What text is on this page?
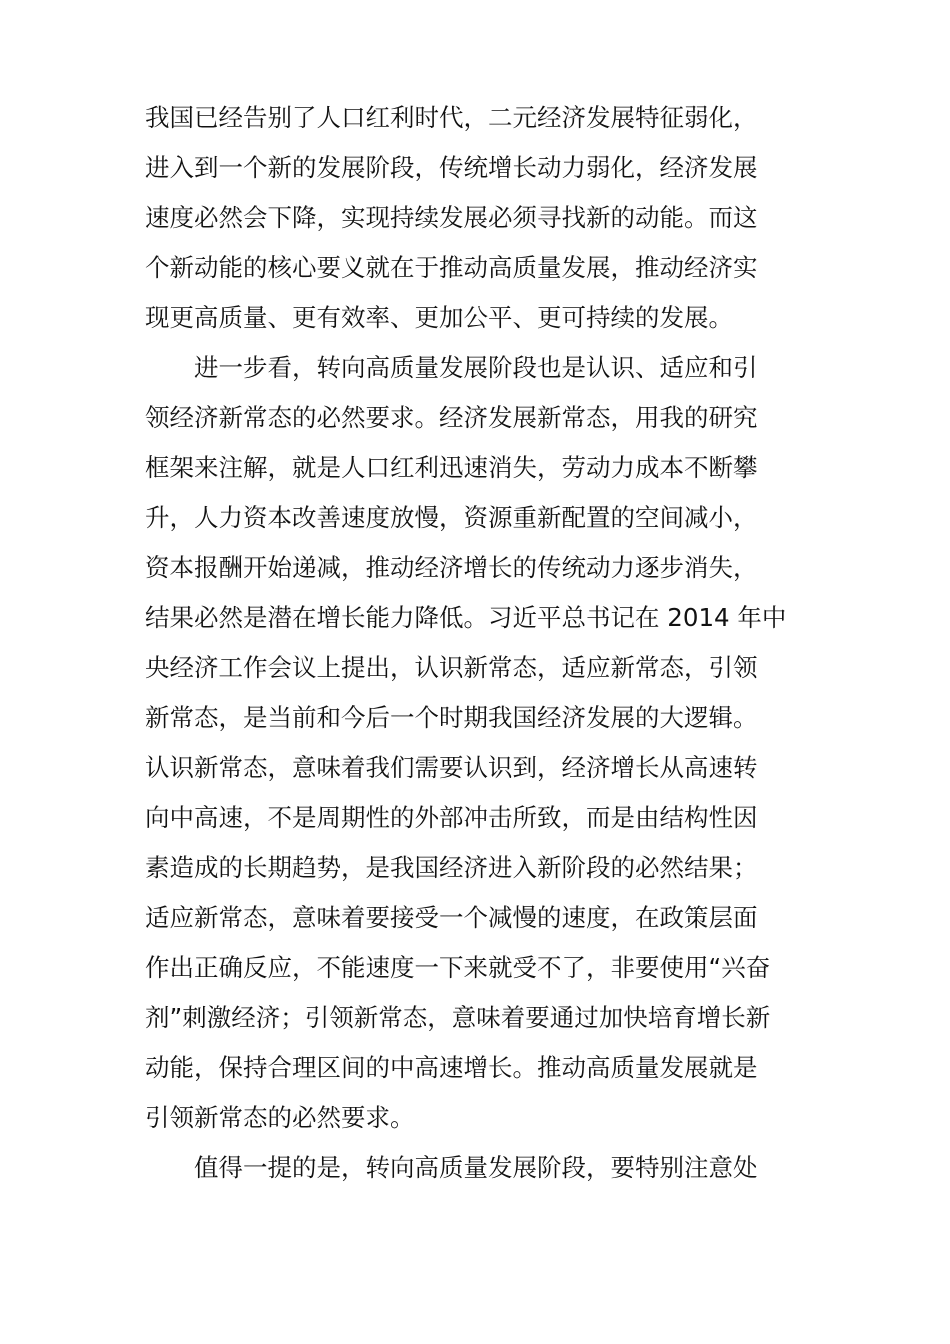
我国已经告别了人口红利时代，二元经济发展特征弱化，
进入到一个新的发展阶段，传统增长动力弱化，经济发展
速度必然会下降，实现持续发展必须寻找新的动能。而这
个新动能的核心要义就在于推动高质量发展，推动经济实
现更高质量、更有效率、更加公平、更可持续的发展。
进一步看，转向高质量发展阶段也是认识、适应和引
领经济新常态的必然要求。经济发展新常态，用我的研究
框架来注解，就是人口红利迅速消失，劳动力成本不断攀
升，人力资本改善速度放慢，资源重新配置的空间减小，
资本报酬开始递减，推动经济增长的传统动力逐步消失，
结果必然是潜在增长能力降低。习近平总书记在 2014 年中
央经济工作会议上提出，认识新常态，适应新常态，引领
新常态，是当前和今后一个时期我国经济发展的大逻辑。
认识新常态，意味着我们需要认识到，经济增长从高速转
向中高速，不是周期性的外部冲击所致，而是由结构性因
素造成的长期趋势，是我国经济进入新阶段的必然结果；
适应新常态，意味着要接受一个减慢的速度，在政策层面
作出正确反应，不能速度一下来就受不了，非要使用“兴奋
剂”刺激经济；引领新常态，意味着要通过加快培育增长新
动能，保持合理区间的中高速增长。推动高质量发展就是
引领新常态的必然要求。
值得一提的是，转向高质量发展阶段，要特别注意处
